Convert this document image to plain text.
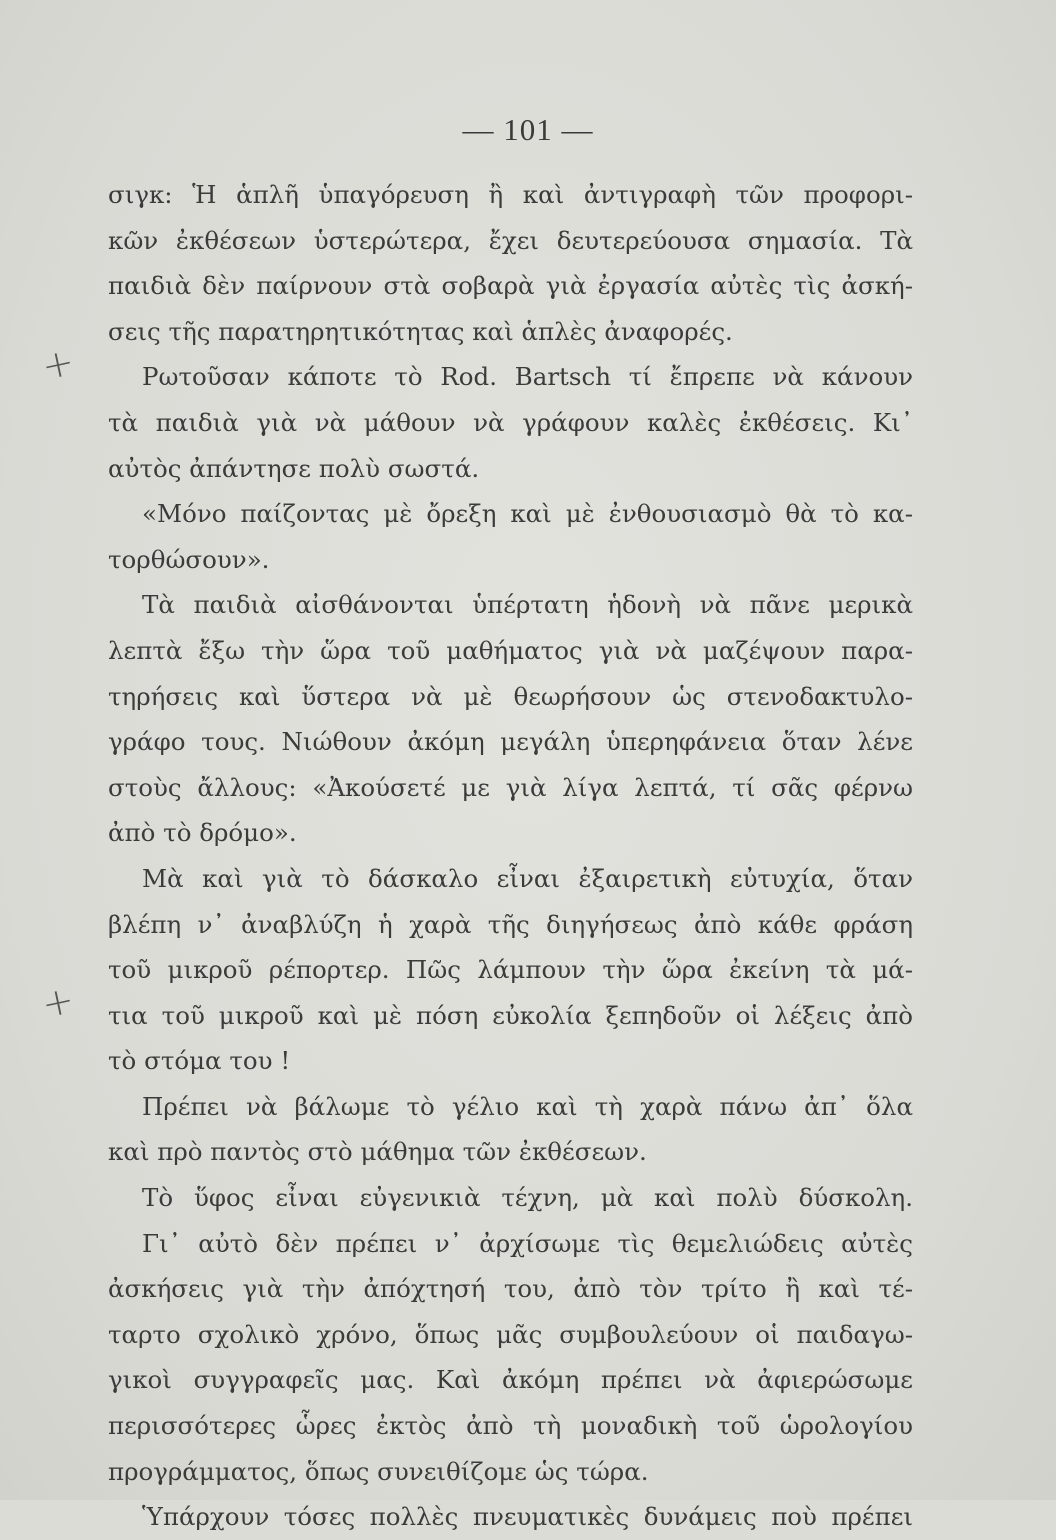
— 101 —
+
+
σιγκ: Ἡ ἁπλῆ ὑπαγόρευση ἢ καὶ ἀντιγραφὴ τῶν προφορι-
κῶν ἐκθέσεων ὑστερώτερα, ἔχει δευτερεύουσα σημασία. Τὰ
παιδιὰ δὲν παίρνουν στὰ σοβαρὰ γιὰ ἐργασία αὐτὲς τὶς ἀσκή-
σεις τῆς παρατηρητικότητας καὶ ἁπλὲς ἀναφορές.
Ρωτοῦσαν κάποτε τὸ Rod. Bartsch τί ἔπρεπε νὰ κάνουν
τὰ παιδιὰ γιὰ νὰ μάθουν νὰ γράφουν καλὲς ἐκθέσεις. Κι᾽
αὐτὸς ἀπάντησε πολὺ σωστά.
«Μόνο παίζοντας μὲ ὄρεξη καὶ μὲ ἐνθουσιασμὸ θὰ τὸ κα-
τορθώσουν».
Τὰ παιδιὰ αἰσθάνονται ὑπέρτατη ἡδονὴ νὰ πᾶνε μερικὰ
λεπτὰ ἔξω τὴν ὥρα τοῦ μαθήματος γιὰ νὰ μαζέψουν παρα-
τηρήσεις καὶ ὕστερα νὰ μὲ θεωρήσουν ὡς στενοδακτυλο-
γράφο τους. Νιώθουν ἀκόμη μεγάλη ὑπερηφάνεια ὅταν λένε
στοὺς ἄλλους: «Ἀκούσετέ με γιὰ λίγα λεπτά, τί σᾶς φέρνω
ἀπὸ τὸ δρόμο».
Μὰ καὶ γιὰ τὸ δάσκαλο εἶναι ἐξαιρετικὴ εὐτυχία, ὅταν
βλέπη ν᾽ ἀναβλύζη ἡ χαρὰ τῆς διηγήσεως ἀπὸ κάθε φράση
τοῦ μικροῦ ρέπορτερ. Πῶς λάμπουν τὴν ὥρα ἐκείνη τὰ μά-
τια τοῦ μικροῦ καὶ μὲ πόση εὐκολία ξεπηδοῦν οἱ λέξεις ἀπὸ
τὸ στόμα του !
Πρέπει νὰ βάλωμε τὸ γέλιο καὶ τὴ χαρὰ πάνω ἀπ᾽ ὅλα
καὶ πρὸ παντὸς στὸ μάθημα τῶν ἐκθέσεων.
Τὸ ὕφος εἶναι εὐγενικιὰ τέχνη, μὰ καὶ πολὺ δύσκολη.
Γι᾽ αὐτὸ δὲν πρέπει ν᾽ ἀρχίσωμε τὶς θεμελιώδεις αὐτὲς
ἀσκήσεις γιὰ τὴν ἀπόχτησή του, ἀπὸ τὸν τρίτο ἢ καὶ τέ-
ταρτο σχολικὸ χρόνο, ὅπως μᾶς συμβουλεύουν οἱ παιδαγω-
γικοὶ συγγραφεῖς μας. Καὶ ἀκόμη πρέπει νὰ ἀφιερώσωμε
περισσότερες ὧρες ἐκτὸς ἀπὸ τὴ μοναδικὴ τοῦ ὡρολογίου
προγράμματος, ὅπως συνειθίζομε ὡς τώρα.
Ὑπάρχουν τόσες πολλὲς πνευματικὲς δυνάμεις ποὺ πρέπει
